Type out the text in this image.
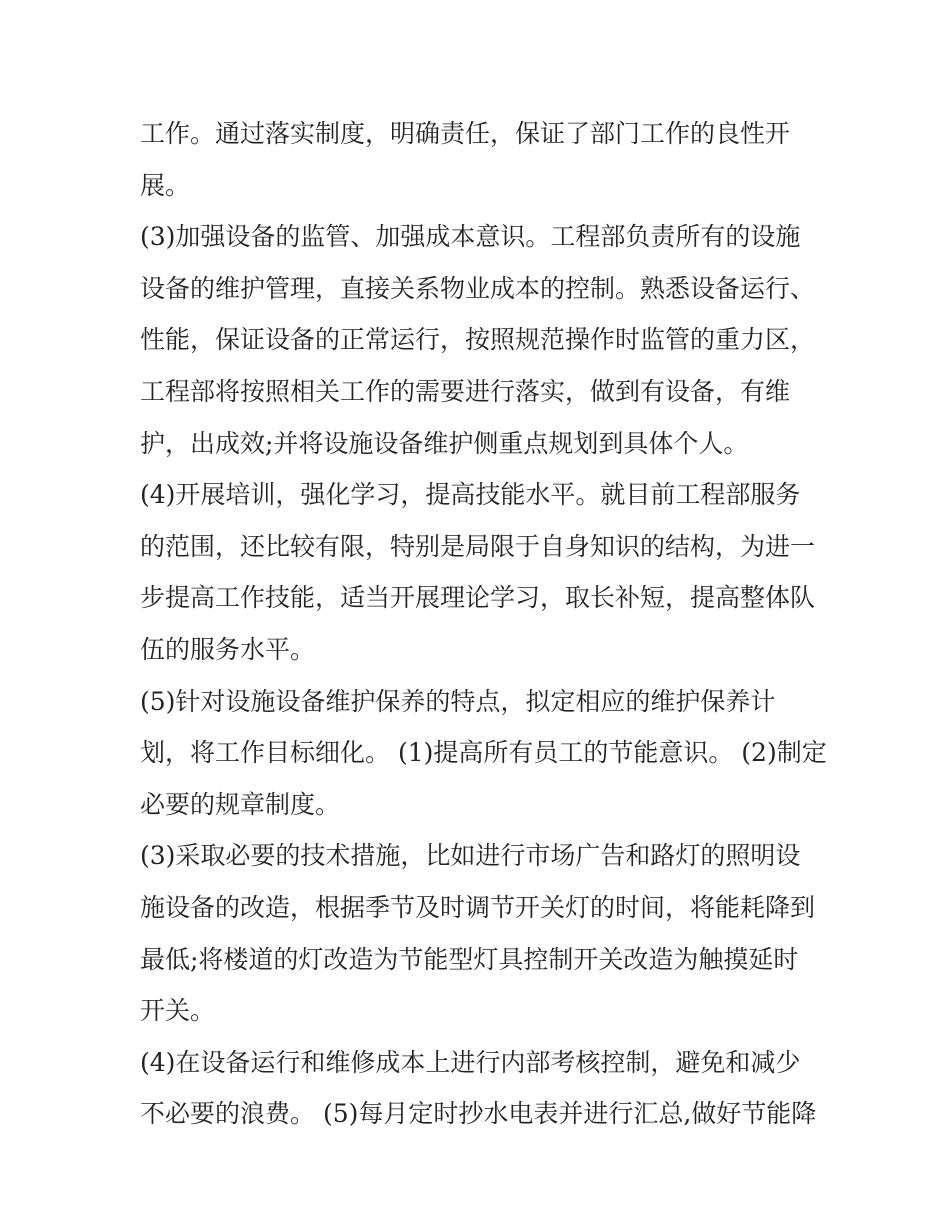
工作。通过落实制度，明确责任，保证了部门工作的良性开
展。
(3)加强设备的监管、加强成本意识。工程部负责所有的设施
设备的维护管理，直接关系物业成本的控制。熟悉设备运行、
性能，保证设备的正常运行，按照规范操作时监管的重力区，
工程部将按照相关工作的需要进行落实，做到有设备，有维
护，出成效;并将设施设备维护侧重点规划到具体个人。
(4)开展培训，强化学习，提高技能水平。就目前工程部服务
的范围，还比较有限，特别是局限于自身知识的结构，为进一
步提高工作技能，适当开展理论学习，取长补短，提高整体队
伍的服务水平。
(5)针对设施设备维护保养的特点，拟定相应的维护保养计
划，将工作目标细化。 (1)提高所有员工的节能意识。 (2)制定
必要的规章制度。
(3)采取必要的技术措施，比如进行市场广告和路灯的照明设
施设备的改造，根据季节及时调节开关灯的时间，将能耗降到
最低;将楼道的灯改造为节能型灯具控制开关改造为触摸延时
开关。
(4)在设备运行和维修成本上进行内部考核控制，避免和减少
不必要的浪费。 (5)每月定时抄水电表并进行汇总,做好节能降
